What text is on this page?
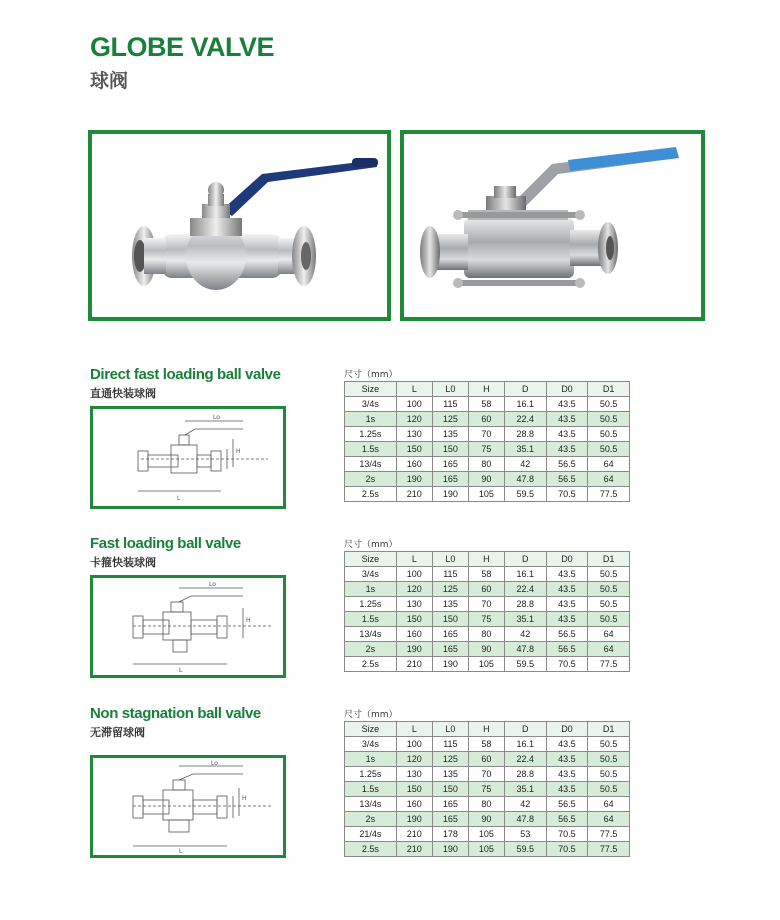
GLOBE VALVE
球阀
Direct fast loading ball valve
直通快装球阀
Lo
L
H
尺寸（mm）
Size	L	L0	H	D	D0	D1
3/4s	100	115	58	16.1	43.5	50.5
1s	120	125	60	22.4	43.5	50.5
1.25s	130	135	70	28.8	43.5	50.5
1.5s	150	150	75	35.1	43.5	50.5
13/4s	160	165	80	42	56.5	64
2s	190	165	90	47.8	56.5	64
2.5s	210	190	105	59.5	70.5	77.5
Fast loading ball valve
卡箍快装球阀
Lo
L
H
尺寸（mm）
Size	L	L0	H	D	D0	D1
3/4s	100	115	58	16.1	43.5	50.5
1s	120	125	60	22.4	43.5	50.5
1.25s	130	135	70	28.8	43.5	50.5
1.5s	150	150	75	35.1	43.5	50.5
13/4s	160	165	80	42	56.5	64
2s	190	165	90	47.8	56.5	64
2.5s	210	190	105	59.5	70.5	77.5
Non stagnation ball valve
无滞留球阀
Lo
L
H
尺寸（mm）
Size	L	L0	H	D	D0	D1
3/4s	100	115	58	16.1	43.5	50.5
1s	120	125	60	22.4	43.5	50.5
1.25s	130	135	70	28.8	43.5	50.5
1.5s	150	150	75	35.1	43.5	50.5
13/4s	160	165	80	42	56.5	64
2s	190	165	90	47.8	56.5	64
21/4s	210	178	105	53	70.5	77.5
2.5s	210	190	105	59.5	70.5	77.5
